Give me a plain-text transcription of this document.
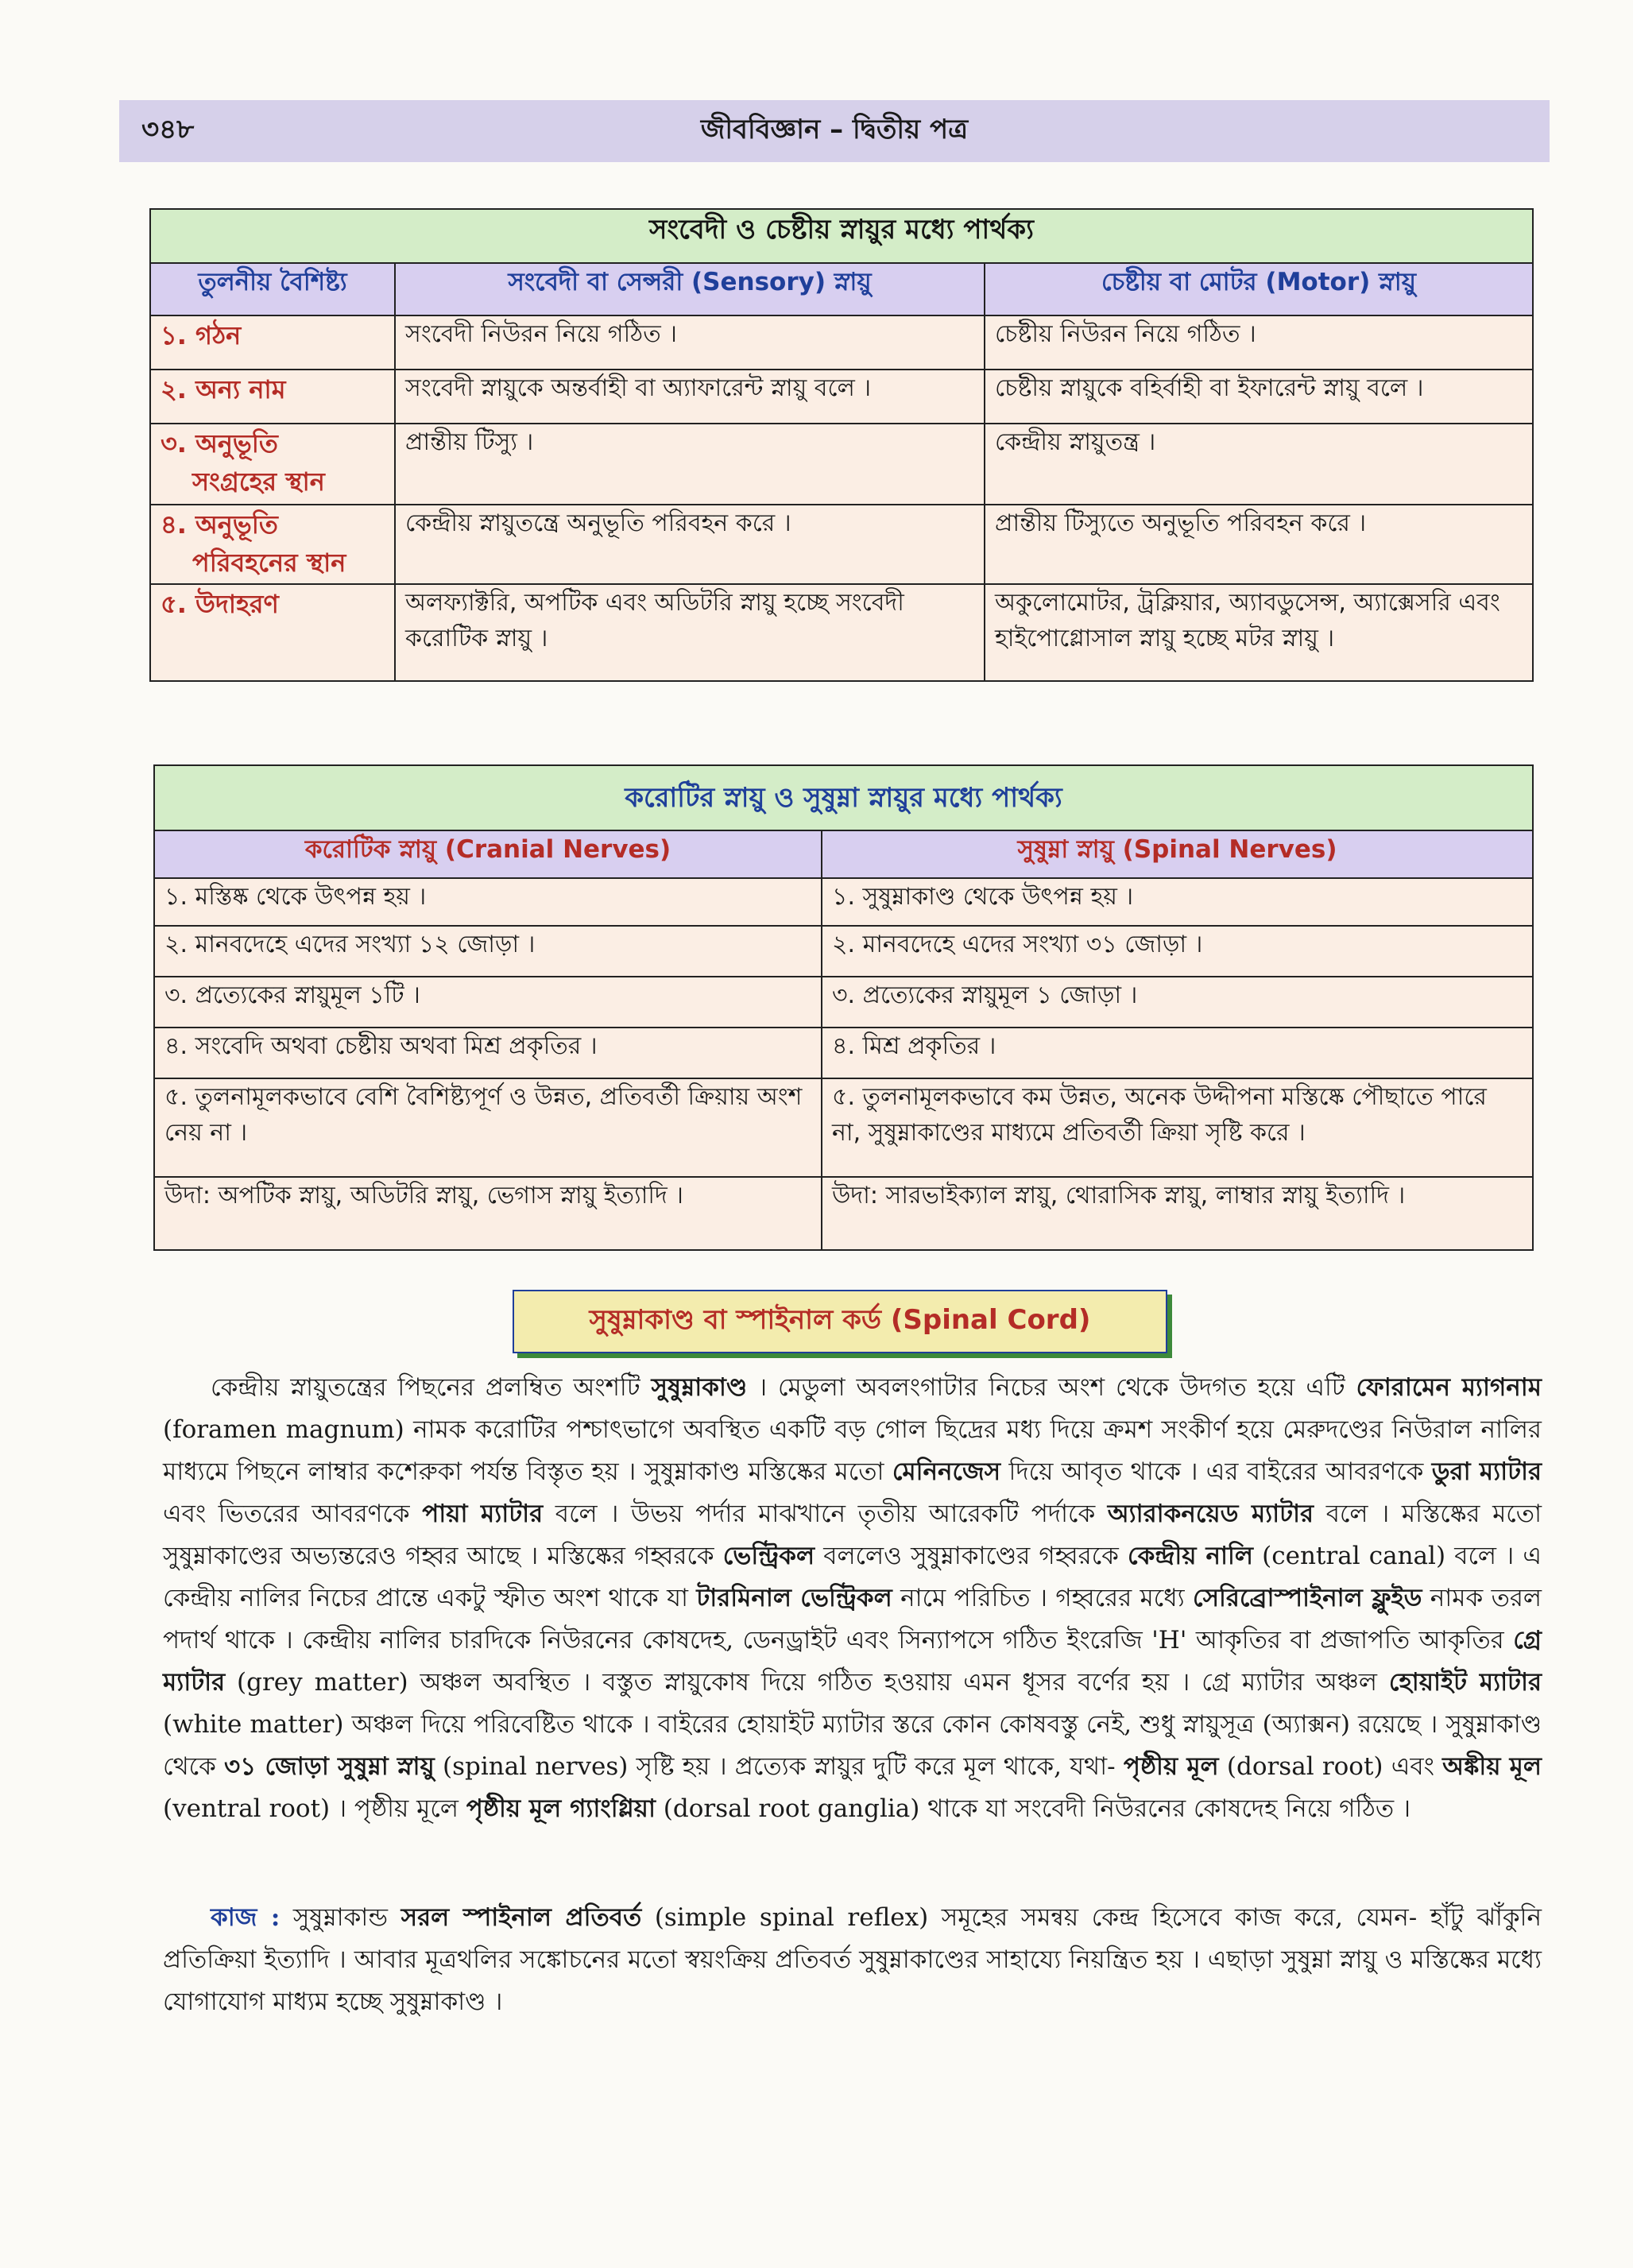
৩৪৮	জীববিজ্ঞান – দ্বিতীয় পত্র
সংবেদী ও চেষ্টীয় স্নায়ুর মধ্যে পার্থক্য		
তুলনীয় বৈশিষ্ট্য	সংবেদী বা সেন্সরী (Sensory) স্নায়ু	চেষ্টীয় বা মোটর (Motor) স্নায়ু

১. গঠন	সংবেদী নিউরন নিয়ে গঠিত ।	চেষ্টীয় নিউরন নিয়ে গঠিত ।

২. অন্য নাম	সংবেদী স্নায়ুকে অন্তর্বাহী বা অ্যাফারেন্ট স্নায়ু বলে ।	চেষ্টীয় স্নায়ুকে বহির্বাহী বা ইফারেন্ট স্নায়ু বলে ।

৩. অনুভূতি
সংগ্রহের স্থান	প্রান্তীয় টিস্যু ।	কেন্দ্রীয় স্নায়ুতন্ত্র ।

৪. অনুভূতি
পরিবহনের স্থান	কেন্দ্রীয় স্নায়ুতন্ত্রে অনুভূতি পরিবহন করে ।	প্রান্তীয় টিস্যুতে অনুভূতি পরিবহন করে ।

৫. উদাহরণ	অলফ্যাক্টরি, অপটিক এবং অডিটরি স্নায়ু হচ্ছে সংবেদী করোটিক স্নায়ু ।	অকুলোমোটর, ট্রক্লিয়ার, অ্যাবডুসেন্স, অ্যাক্সেসরি এবং হাইপোগ্লোসাল স্নায়ু হচ্ছে মটর স্নায়ু ।
করোটির স্নায়ু ও সুষুম্না স্নায়ুর মধ্যে পার্থক্য	
করোটিক স্নায়ু (Cranial Nerves)	সুষুম্না স্নায়ু (Spinal Nerves)
১. মস্তিষ্ক থেকে উৎপন্ন হয় ।	১. সুষুম্নাকাণ্ড থেকে উৎপন্ন হয় ।
২. মানবদেহে এদের সংখ্যা ১২ জোড়া ।	২. মানবদেহে এদের সংখ্যা ৩১ জোড়া ।
৩. প্রত্যেকের স্নায়ুমূল ১টি ।	৩. প্রত্যেকের স্নায়ুমূল ১ জোড়া ।
৪. সংবেদি অথবা চেষ্টীয় অথবা মিশ্র প্রকৃতির ।	৪. মিশ্র প্রকৃতির ।
৫. তুলনামূলকভাবে বেশি বৈশিষ্ট্যপূর্ণ ও উন্নত, প্রতিবর্তী ক্রিয়ায় অংশ নেয় না ।	৫. তুলনামূলকভাবে কম উন্নত, অনেক উদ্দীপনা মস্তিষ্কে পৌছাতে পারে না, সুষুম্নাকাণ্ডের মাধ্যমে প্রতিবর্তী ক্রিয়া সৃষ্টি করে ।
উদা: অপটিক স্নায়ু, অডিটরি স্নায়ু, ভেগাস স্নায়ু ইত্যাদি ।	উদা: সারভাইক্যাল স্নায়ু, থোরাসিক স্নায়ু, লাম্বার স্নায়ু ইত্যাদি ।
সুষুম্নাকাণ্ড বা স্পাইনাল কর্ড (Spinal Cord)

কেন্দ্রীয় স্নায়ুতন্ত্রের পিছনের প্রলম্বিত অংশটি সুষুম্নাকাণ্ড । মেডুলা অবলংগাটার নিচের অংশ থেকে উদগত হয়ে এটি ফোরামেন ম্যাগনাম (foramen magnum) নামক করোটির পশ্চাৎভাগে অবস্থিত একটি বড় গোল ছিদ্রের মধ্য দিয়ে ক্রমশ সংকীর্ণ হয়ে মেরুদণ্ডের নিউরাল নালির মাধ্যমে পিছনে লাম্বার কশেরুকা পর্যন্ত বিস্তৃত হয় । সুষুম্নাকাণ্ড মস্তিষ্কের মতো মেনিনজেস দিয়ে আবৃত থাকে । এর বাইরের আবরণকে ডুরা ম্যাটার এবং ভিতরের আবরণকে পায়া ম্যাটার বলে । উভয় পর্দার মাঝখানে তৃতীয় আরেকটি পর্দাকে অ্যারাকনয়েড ম্যাটার বলে । মস্তিষ্কের মতো সুষুম্নাকাণ্ডের অভ্যন্তরেও গহ্বর আছে । মস্তিষ্কের গহ্বরকে ভেন্ট্রিকল বললেও সুষুম্নাকাণ্ডের গহ্বরকে কেন্দ্রীয় নালি (central canal) বলে । এ কেন্দ্রীয় নালির নিচের প্রান্তে একটু স্ফীত অংশ থাকে যা টারমিনাল ভেন্ট্রিকল নামে পরিচিত । গহ্বরের মধ্যে সেরিব্রোস্পাইনাল ফ্লুইড নামক তরল পদার্থ থাকে । কেন্দ্রীয় নালির চারদিকে নিউরনের কোষদেহ, ডেনড্রাইট এবং সিন্যাপসে গঠিত ইংরেজি 'H' আকৃতির বা প্রজাপতি আকৃতির গ্রে ম্যাটার (grey matter) অঞ্চল অবস্থিত । বস্তুত স্নায়ুকোষ দিয়ে গঠিত হওয়ায় এমন ধূসর বর্ণের হয় । গ্রে ম্যাটার অঞ্চল হোয়াইট ম্যাটার (white matter) অঞ্চল দিয়ে পরিবেষ্টিত থাকে । বাইরের হোয়াইট ম্যাটার স্তরে কোন কোষবস্তু নেই, শুধু স্নায়ুসূত্র (অ্যাক্সন) রয়েছে । সুষুম্নাকাণ্ড থেকে ৩১ জোড়া সুষুম্না স্নায়ু (spinal nerves) সৃষ্টি হয় । প্রত্যেক স্নায়ুর দুটি করে মূল থাকে, যথা- পৃষ্ঠীয় মূল (dorsal root) এবং অঙ্কীয় মূল (ventral root) । পৃষ্ঠীয় মূলে পৃষ্ঠীয় মূল গ্যাংগ্লিয়া (dorsal root ganglia) থাকে যা সংবেদী নিউরনের কোষদেহ নিয়ে গঠিত ।

কাজ : সুষুম্নাকান্ড সরল স্পাইনাল প্রতিবর্ত (simple spinal reflex) সমূহের সমন্বয় কেন্দ্র হিসেবে কাজ করে, যেমন- হাঁটু ঝাঁকুনি প্রতিক্রিয়া ইত্যাদি । আবার মূত্রথলির সঙ্কোচনের মতো স্বয়ংক্রিয় প্রতিবর্ত সুষুম্নাকাণ্ডের সাহায্যে নিয়ন্ত্রিত হয় । এছাড়া সুষুম্না স্নায়ু ও মস্তিষ্কের মধ্যে যোগাযোগ মাধ্যম হচ্ছে সুষুম্নাকাণ্ড ।
